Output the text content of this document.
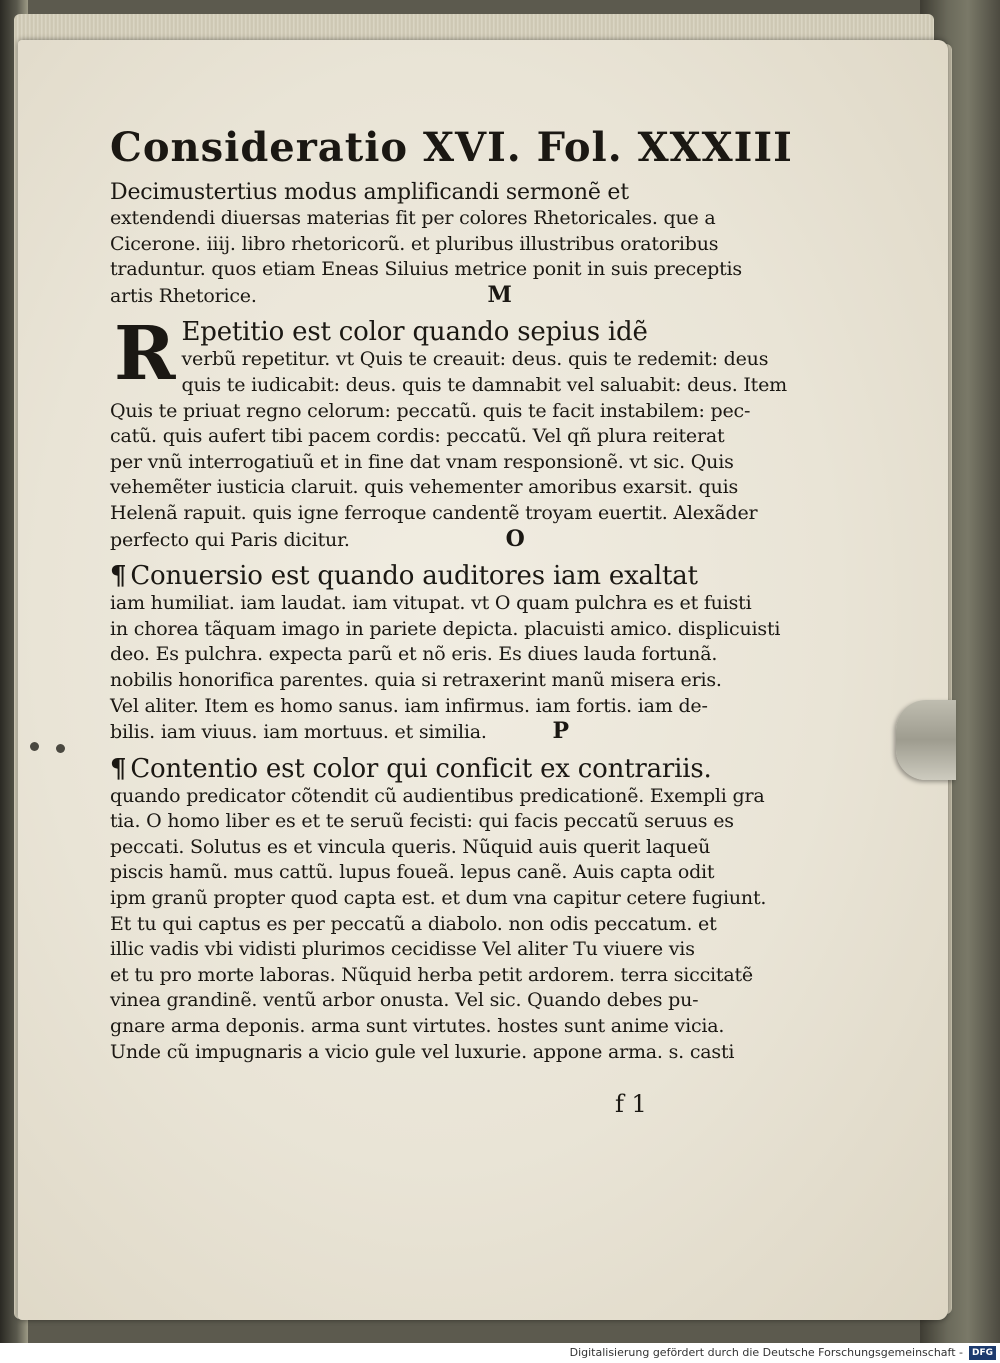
Consideratio XVI. Fol. XXXIII
Decimustertius modus amplificandi sermonẽ et
extendendi diuersas materias fit per colores Rhetoricales. que a
Cicerone. iiij. libro rhetoricorũ. et pluribus illustribus oratoribus
traduntur. quos etiam Eneas Siluius metrice ponit in suis preceptis
artis Rhetorice.	M
R Epetitio est color quando sepius idẽ
verbũ repetitur. vt Quis te creauit: deus. quis te redemit: deus
quis te iudicabit: deus. quis te damnabit vel saluabit: deus. Item
Quis te priuat regno celorum: peccatũ. quis te facit instabilem: pec-
catũ. quis aufert tibi pacem cordis: peccatũ. Vel qñ plura reiterat
per vnũ interrogatiuũ et in fine dat vnam responsionẽ. vt sic. Quis
vehemẽter iusticia claruit. quis vehementer amoribus exarsit. quis
Helenã rapuit. quis igne ferroque candentẽ troyam euertit. Alexãder
perfecto qui Paris dicitur.	O
¶ Conuersio est quando auditores iam exaltat
iam humiliat. iam laudat. iam vitupat. vt O quam pulchra es et fuisti
in chorea tãquam imago in pariete depicta. placuisti amico. displicuisti
deo. Es pulchra. expecta parũ et nõ eris. Es diues lauda fortunã.
nobilis honorifica parentes. quia si retraxerint manũ misera eris.
Vel aliter. Item es homo sanus. iam infirmus. iam fortis. iam de-
bilis. iam viuus. iam mortuus. et similia.	P
¶ Contentio est color qui conficit ex contrariis.
quando predicator cõtendit cũ audientibus predicationẽ. Exempli gra
tia. O homo liber es et te seruũ fecisti: qui facis peccatũ seruus es
peccati. Solutus es et vincula queris. Nũquid auis querit laqueũ
piscis hamũ. mus cattũ. lupus foueã. lepus canẽ. Auis capta odit
ipm granũ propter quod capta est. et dum vna capitur cetere fugiunt.
Et tu qui captus es per peccatũ a diabolo. non odis peccatum. et
illic vadis vbi vidisti plurimos cecidisse Vel aliter Tu viuere vis
et tu pro morte laboras. Nũquid herba petit ardorem. terra siccitatẽ
vinea grandinẽ. ventũ arbor onusta. Vel sic. Quando debes pu-
gnare arma deponis. arma sunt virtutes. hostes sunt anime vicia.
Unde cũ impugnaris a vicio gule vel luxurie. appone arma. s. casti
f 1
Digitalisierung gefördert durch die Deutsche Forschungsgemeinschaft - DFG
